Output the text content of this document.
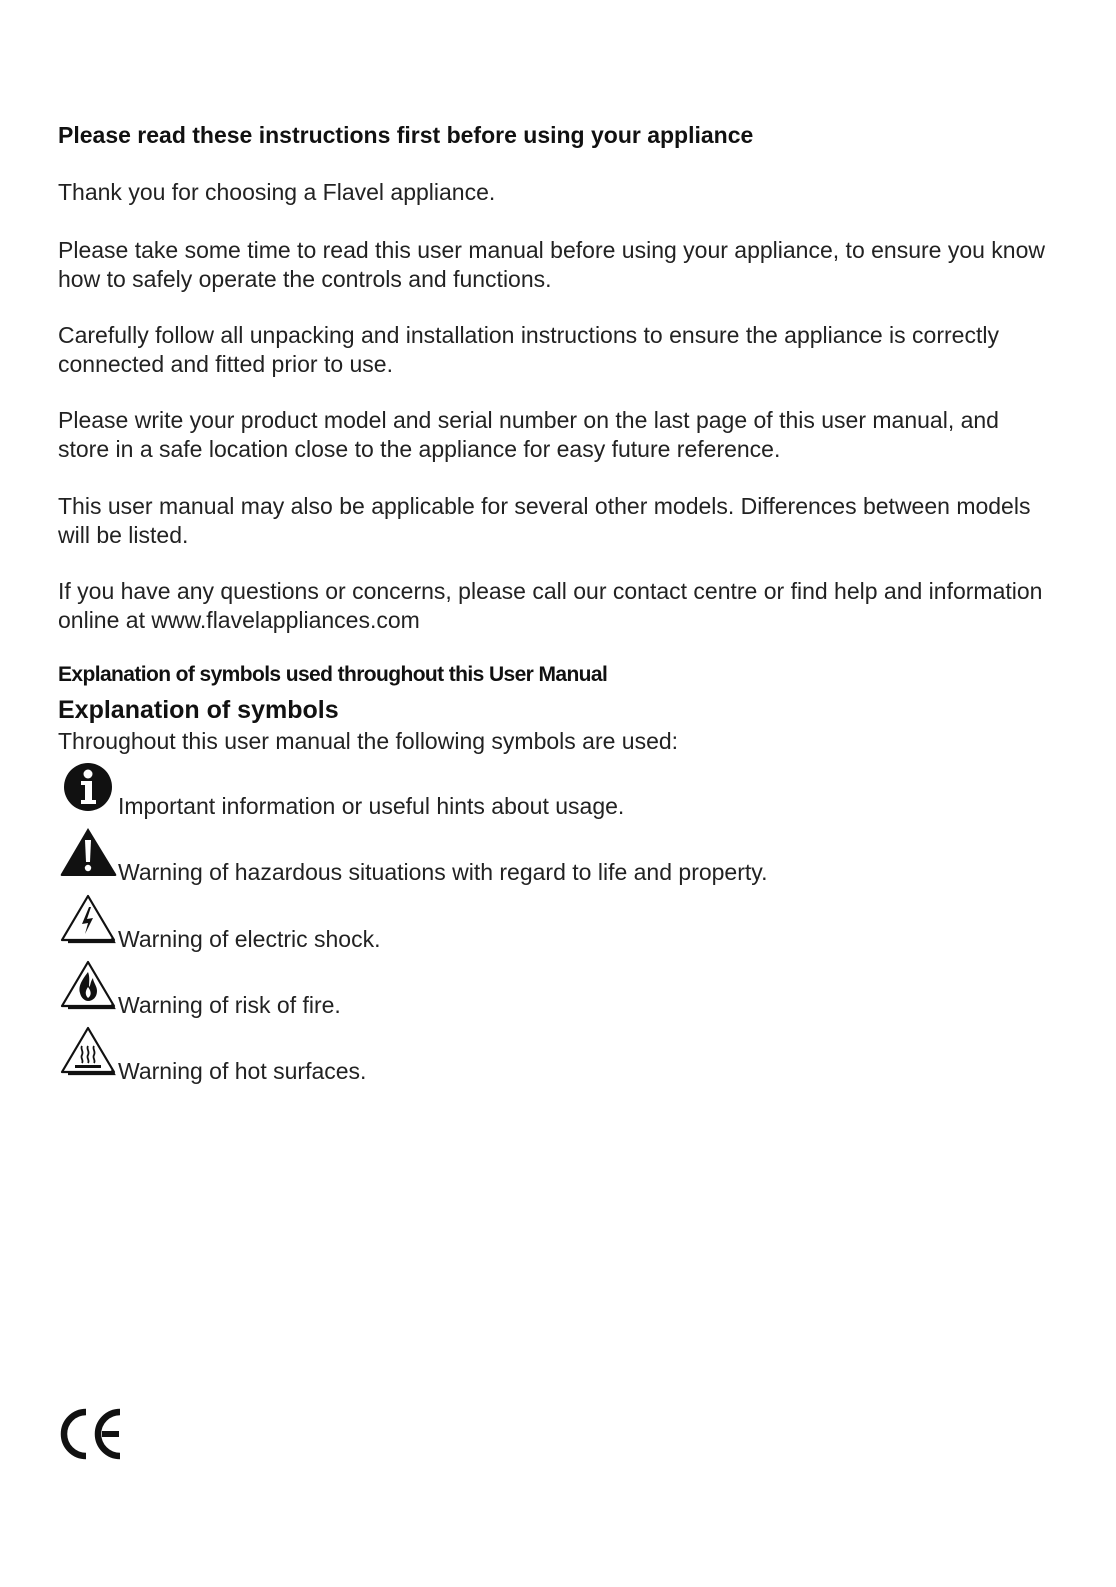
Please read these instructions first before using your appliance
Thank you for choosing a Flavel appliance.
Please take some time to read this user manual before using your appliance, to ensure you know how to safely operate the controls and functions.
Carefully follow all unpacking and installation instructions to ensure the appliance is correctly connected and fitted prior to use.
Please write your product model and serial number on the last page of this user manual, and store in a safe location close to the appliance for easy future reference.
This user manual may also be applicable for several other models. Differences between models will be listed.
If you have any questions or concerns, please call our contact centre or find help and information online at www.flavelappliances.com
Explanation of symbols used throughout this User Manual
Explanation of symbols
Throughout this user manual the following symbols are used:
Important information or useful hints about usage.
Warning of hazardous situations with regard to life and property.
Warning of electric shock.
Warning of risk of fire.
Warning of hot surfaces.
